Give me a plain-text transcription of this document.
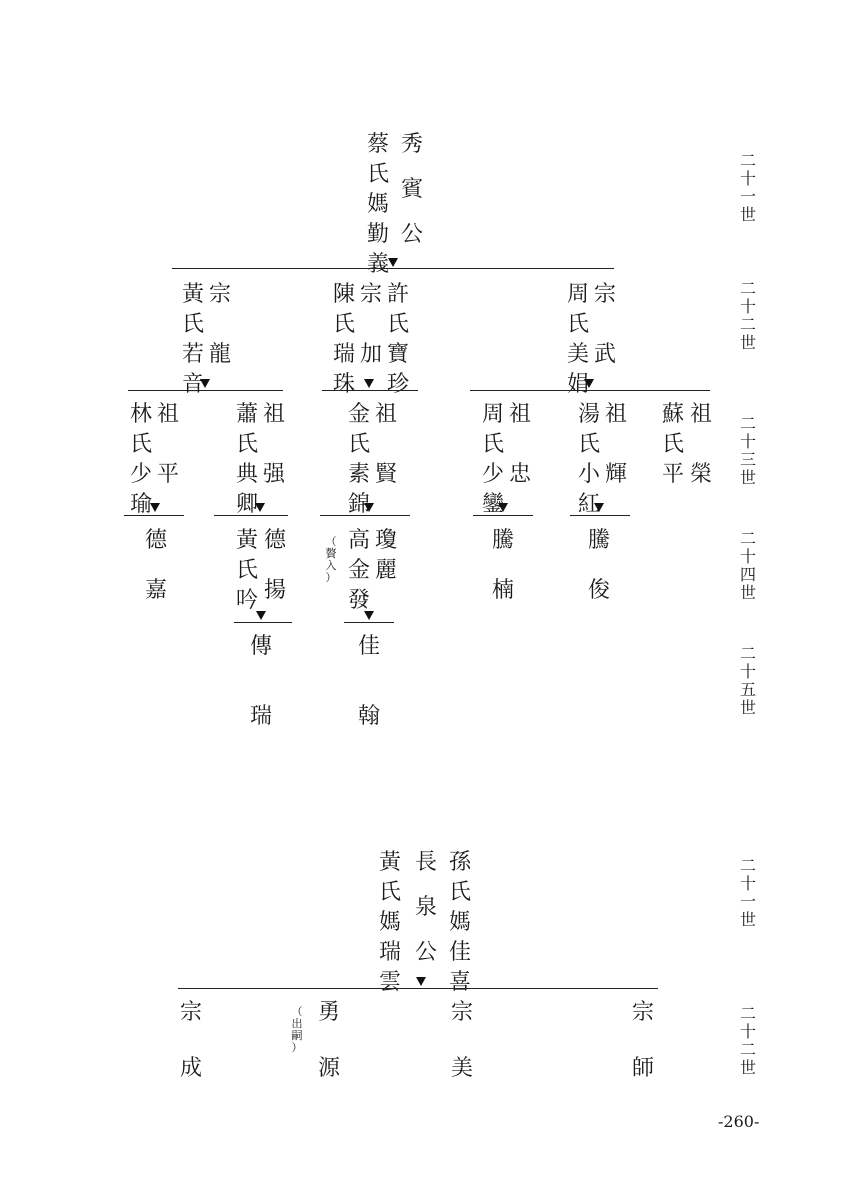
二
十
一
世
二
十
二
世
二
十
三
世
二
十
四
世
二
十
五
世
二
十
一
世
二
十
二
世
秀
賓
公
蔡
氏
媽
勤
義
宗
龍
黃
氏
若
音
宗
加
許
氏
寶
珍
陳
氏
瑞
珠
宗
武
周
氏
美
娟
祖
平
林
氏
少
瑜
祖
强
蕭
氏
典
卿
祖
賢
金
氏
素
錦
祖
忠
周
氏
少
鑾
祖
輝
湯
氏
小
紅
祖
榮
蘇
氏
平
德
嘉
德
揚
黃
氏
吟
瓊
麗
高
金
發
（
贅
入
）
騰
楠
騰
俊
傳
瑞
佳
翰
長
泉
公
孫
氏
媽
佳
喜
黃
氏
媽
瑞
雲
宗
成
勇
源
（
出
嗣
）
宗
美
宗
師
-260-
